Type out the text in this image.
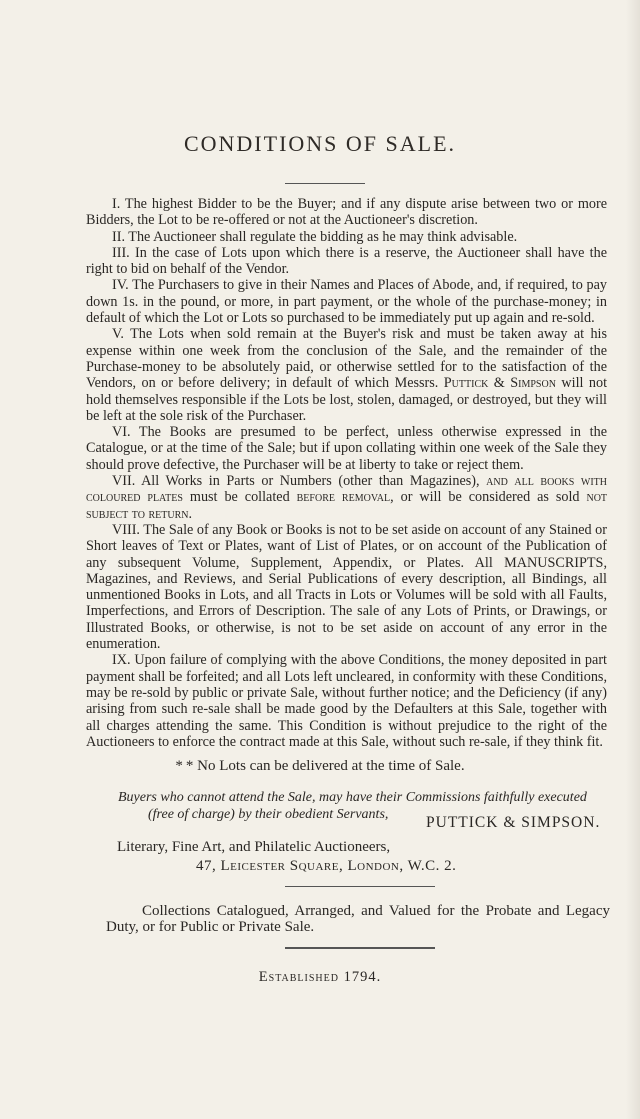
CONDITIONS OF SALE.

I. The highest Bidder to be the Buyer; and if any dispute arise between two or more Bidders, the Lot to be re-offered or not at the Auctioneer's discretion.

II. The Auctioneer shall regulate the bidding as he may think advisable.

III. In the case of Lots upon which there is a reserve, the Auctioneer shall have the right to bid on behalf of the Vendor.

IV. The Purchasers to give in their Names and Places of Abode, and, if required, to pay down 1s. in the pound, or more, in part payment, or the whole of the purchase-money; in default of which the Lot or Lots so purchased to be immediately put up again and re-sold.

V. The Lots when sold remain at the Buyer's risk and must be taken away at his expense within one week from the conclusion of the Sale, and the remainder of the Purchase-money to be absolutely paid, or otherwise settled for to the satisfaction of the Vendors, on or before delivery; in default of which Messrs. Puttick & Simpson will not hold themselves responsible if the Lots be lost, stolen, damaged, or destroyed, but they will be left at the sole risk of the Purchaser.

VI. The Books are presumed to be perfect, unless otherwise expressed in the Catalogue, or at the time of the Sale; but if upon collating within one week of the Sale they should prove defective, the Purchaser will be at liberty to take or reject them.

VII. All Works in Parts or Numbers (other than Magazines), and all books with coloured plates must be collated before removal, or will be considered as sold not subject to return.

VIII. The Sale of any Book or Books is not to be set aside on account of any Stained or Short leaves of Text or Plates, want of List of Plates, or on account of the Publication of any subsequent Volume, Supplement, Appendix, or Plates. All MANUSCRIPTS, Magazines, and Reviews, and Serial Publications of every description, all Bindings, all unmentioned Books in Lots, and all Tracts in Lots or Volumes will be sold with all Faults, Imperfections, and Errors of Description. The sale of any Lots of Prints, or Drawings, or Illustrated Books, or otherwise, is not to be set aside on account of any error in the enumeration.

IX. Upon failure of complying with the above Conditions, the money deposited in part payment shall be forfeited; and all Lots left uncleared, in conformity with these Conditions, may be re-sold by public or private Sale, without further notice; and the Deficiency (if any) arising from such re-sale shall be made good by the Defaulters at this Sale, together with all charges attending the same. This Condition is without prejudice to the right of the Auctioneers to enforce the contract made at this Sale, without such re-sale, if they think fit.

* * No Lots can be delivered at the time of Sale.
Buyers who cannot attend the Sale, may have their Commissions faithfully executed
(free of charge) by their obedient Servants,	PUTTICK & SIMPSON.
Literary, Fine Art, and Philatelic Auctioneers,
47, Leicester Square, London, W.C. 2.
Collections Catalogued, Arranged, and Valued for the Probate and Legacy Duty, or for Public or Private Sale.
Established 1794.
